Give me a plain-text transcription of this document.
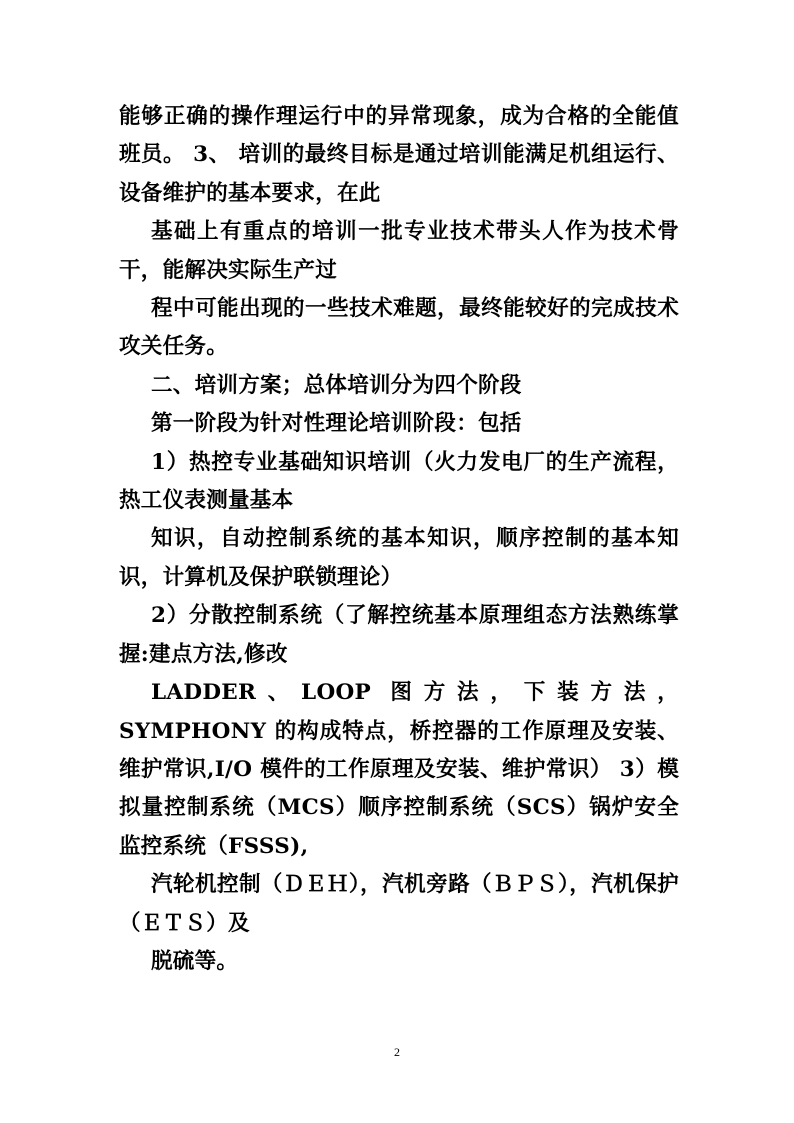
能够正确的操作理运行中的异常现象，成为合格的全能值班员。 3、 培训的最终目标是通过培训能满足机组运行、设备维护的基本要求，在此

基础上有重点的培训一批专业技术带头人作为技术骨干，能解决实际生产过

程中可能出现的一些技术难题，最终能较好的完成技术攻关任务。

二、培训方案；总体培训分为四个阶段

第一阶段为针对性理论培训阶段：包括

1）热控专业基础知识培训（火力发电厂的生产流程，热工仪表测量基本

知识，自动控制系统的基本知识，顺序控制的基本知识，计算机及保护联锁理论）

2）分散控制系统（了解控统基本原理组态方法熟练掌握:建点方法,修改

LADDER、LOOP 图方法，下装方法，SYMPHONY 的构成特点，桥控器的工作原理及安装、维护常识,I/O 模件的工作原理及安装、维护常识） 3）模拟量控制系统（MCS）顺序控制系统（SCS）锅炉安全监控系统（FSSS),

汽轮机控制（ＤＥＨ），汽机旁路（ＢＰＳ），汽机保护（ＥＴＳ）及

脱硫等。

2
